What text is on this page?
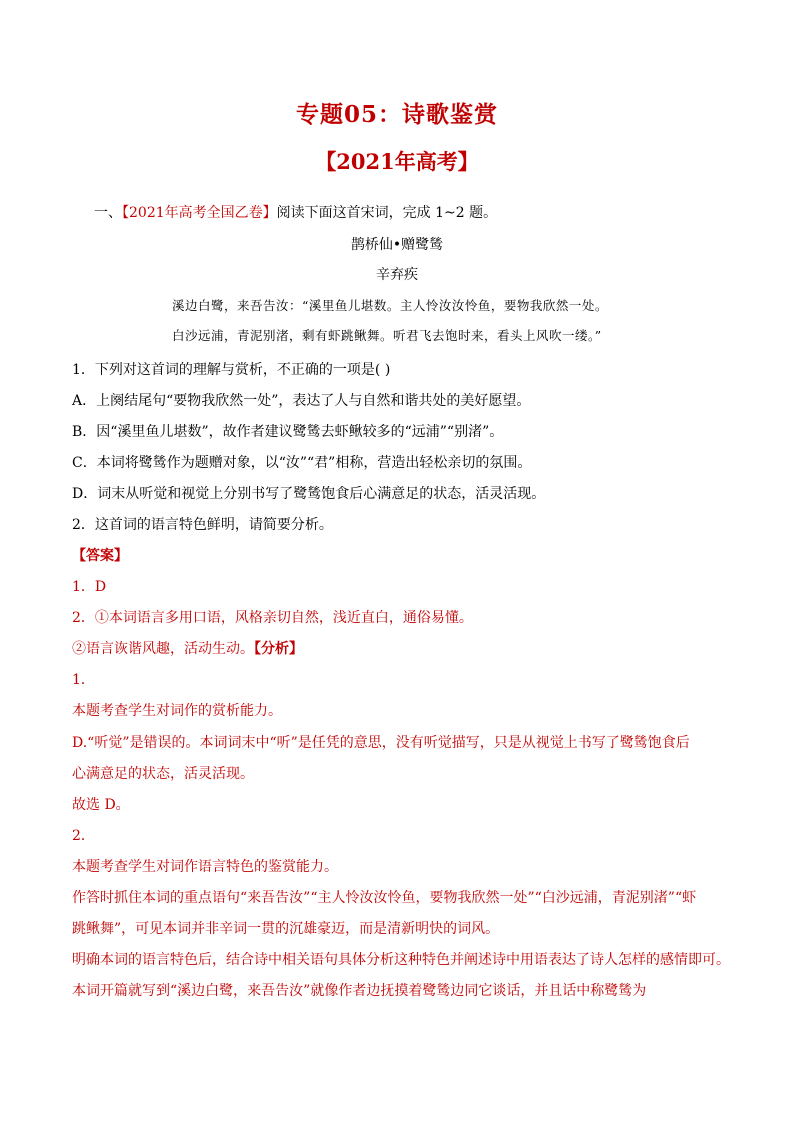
专题05：诗歌鉴赏
【2021年高考】
一、【2021年高考全国乙卷】阅读下面这首宋词，完成 1~2 题。
鹊桥仙•赠鹭鸶
辛弃疾
溪边白鹭，来吾告汝：“溪里鱼儿堪数。主人怜汝汝怜鱼，要物我欣然一处。
白沙远浦，青泥别渚，剩有虾跳鳅舞。听君飞去饱时来，看头上风吹一缕。”
1．下列对这首词的理解与赏析，不正确的一项是( )
A．上阕结尾句“要物我欣然一处”，表达了人与自然和谐共处的美好愿望。
B．因“溪里鱼儿堪数”，故作者建议鹭鸶去虾鳅较多的“远浦”“别渚”。
C．本词将鹭鸶作为题赠对象，以“汝”“君”相称，营造出轻松亲切的氛围。
D．词末从听觉和视觉上分别书写了鹭鸶饱食后心满意足的状态，活灵活现。
2．这首词的语言特色鲜明，请简要分析。
【答案】
1．D
2．①本词语言多用口语，风格亲切自然，浅近直白，通俗易懂。
②语言诙谐风趣，活动生动。【分析】
1．
本题考查学生对词作的赏析能力。
D.“听觉”是错误的。本词词末中“听”是任凭的意思，没有听觉描写，只是从视觉上书写了鹭鸶饱食后
心满意足的状态，活灵活现。
故选 D。
2．
本题考查学生对词作语言特色的鉴赏能力。
作答时抓住本词的重点语句“来吾告汝”“主人怜汝汝怜鱼，要物我欣然一处”“白沙远浦，青泥别渚”“虾
跳鳅舞”，可见本词并非辛词一贯的沉雄豪迈，而是清新明快的词风。
明确本词的语言特色后，结合诗中相关语句具体分析这种特色并阐述诗中用语表达了诗人怎样的感情即可。
本词开篇就写到“溪边白鹭，来吾告汝”就像作者边抚摸着鹭鸶边同它谈话，并且话中称鹭鸶为
